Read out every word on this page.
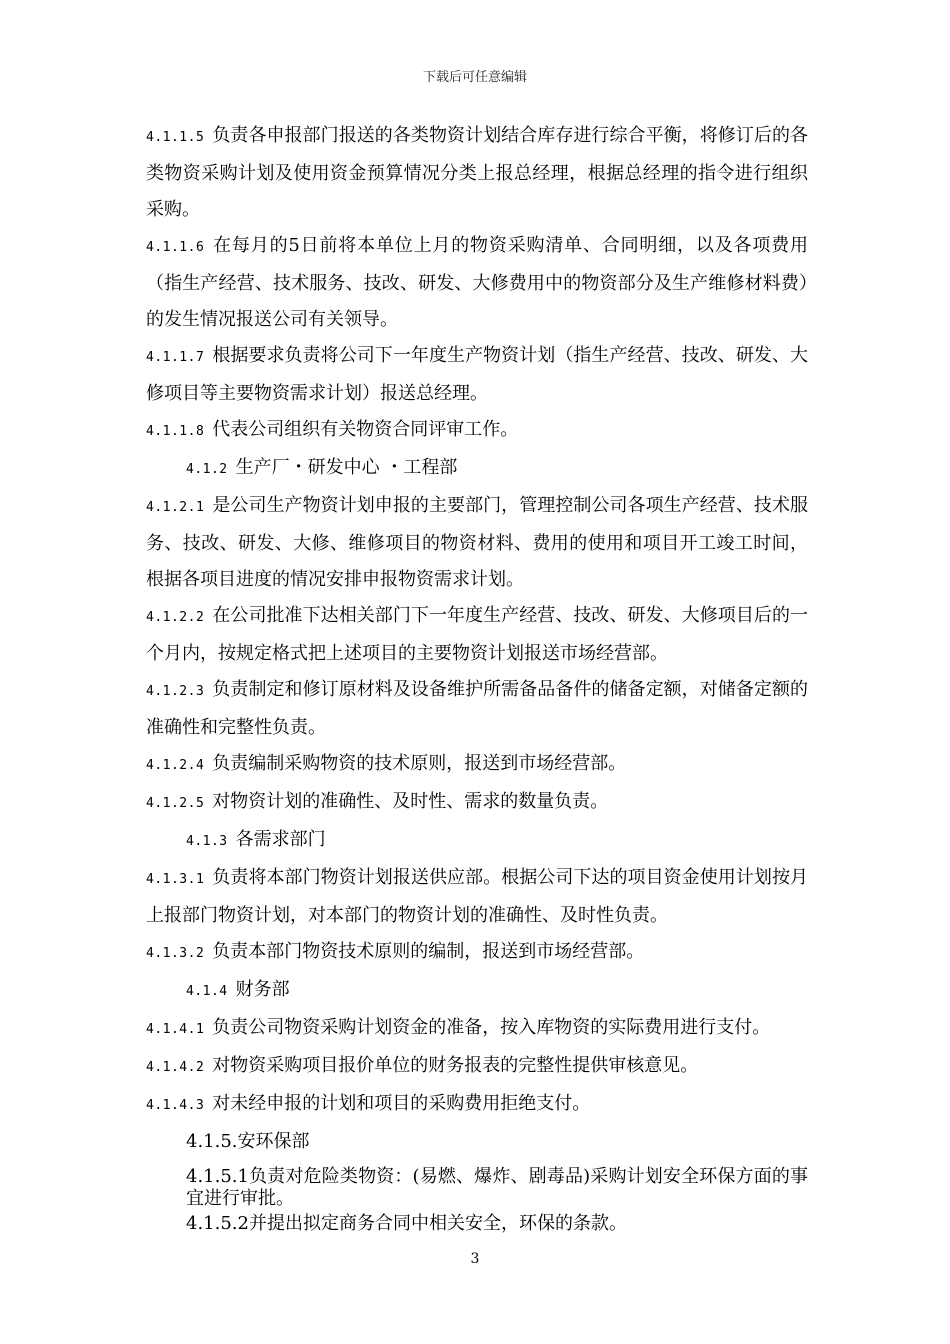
下载后可任意编辑

4.1.1.5 负责各申报部门报送的各类物资计划结合库存进行综合平衡，将修订后的各类物资采购计划及使用资金预算情况分类上报总经理，根据总经理的指令进行组织采购。

4.1.1.6 在每月的5日前将本单位上月的物资采购清单、合同明细，以及各项费用（指生产经营、技术服务、技改、研发、大修费用中的物资部分及生产维修材料费）的发生情况报送公司有关领导。

4.1.1.7 根据要求负责将公司下一年度生产物资计划（指生产经营、技改、研发、大修项目等主要物资需求计划）报送总经理。

4.1.1.8 代表公司组织有关物资合同评审工作。

4.1.2 生产厂・研发中心 ・工程部

4.1.2.1 是公司生产物资计划申报的主要部门，管理控制公司各项生产经营、技术服务、技改、研发、大修、维修项目的物资材料、费用的使用和项目开工竣工时间，根据各项目进度的情况安排申报物资需求计划。

4.1.2.2 在公司批准下达相关部门下一年度生产经营、技改、研发、大修项目后的一个月内，按规定格式把上述项目的主要物资计划报送市场经营部。

4.1.2.3 负责制定和修订原材料及设备维护所需备品备件的储备定额，对储备定额的准确性和完整性负责。

4.1.2.4 负责编制采购物资的技术原则，报送到市场经营部。

4.1.2.5 对物资计划的准确性、及时性、需求的数量负责。

4.1.3 各需求部门

4.1.3.1 负责将本部门物资计划报送供应部。根据公司下达的项目资金使用计划按月上报部门物资计划，对本部门的物资计划的准确性、及时性负责。

4.1.3.2 负责本部门物资技术原则的编制，报送到市场经营部。

4.1.4 财务部

4.1.4.1 负责公司物资采购计划资金的准备，按入库物资的实际费用进行支付。

4.1.4.2 对物资采购项目报价单位的财务报表的完整性提供审核意见。

4.1.4.3 对未经申报的计划和项目的采购费用拒绝支付。

4.1.5.安环保部

4.1.5.1负责对危险类物资：(易燃、爆炸、剧毒品)采购计划安全环保方面的事宜进行审批。

4.1.5.2并提出拟定商务合同中相关安全，环保的条款。

3
